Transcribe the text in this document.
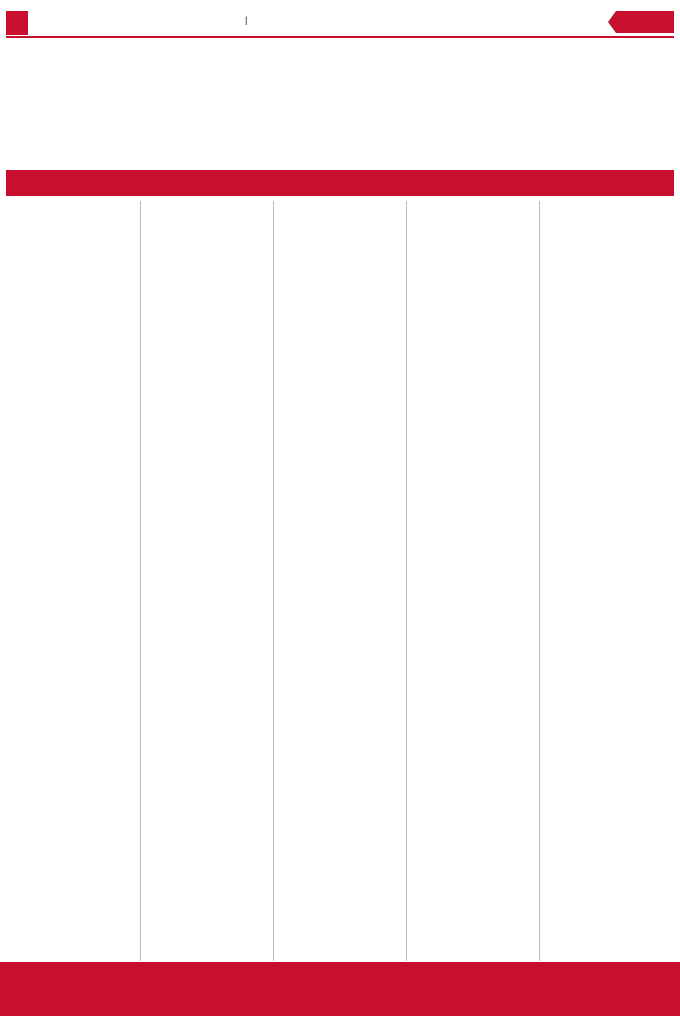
|
